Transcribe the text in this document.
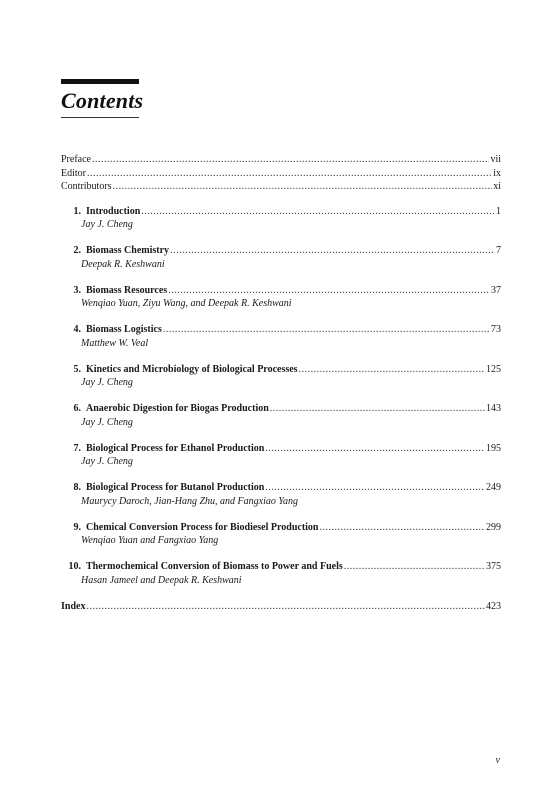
Contents
Preface .....	vii
Editor .....	ix
Contributors .....	xi
1. Introduction .....	1
Jay J. Cheng
2. Biomass Chemistry .....	7
Deepak R. Keshwani
3. Biomass Resources .....	37
Wenqiao Yuan, Ziyu Wang, and Deepak R. Keshwani
4. Biomass Logistics .....	73
Matthew W. Veal
5. Kinetics and Microbiology of Biological Processes .....	125
Jay J. Cheng
6. Anaerobic Digestion for Biogas Production .....	143
Jay J. Cheng
7. Biological Process for Ethanol Production .....	195
Jay J. Cheng
8. Biological Process for Butanol Production .....	249
Maurycy Daroch, Jian-Hang Zhu, and Fangxiao Yang
9. Chemical Conversion Process for Biodiesel Production .....	299
Wenqiao Yuan and Fangxiao Yang
10. Thermochemical Conversion of Biomass to Power and Fuels .....	375
Hasan Jameel and Deepak R. Keshwani
Index .....	423
v
